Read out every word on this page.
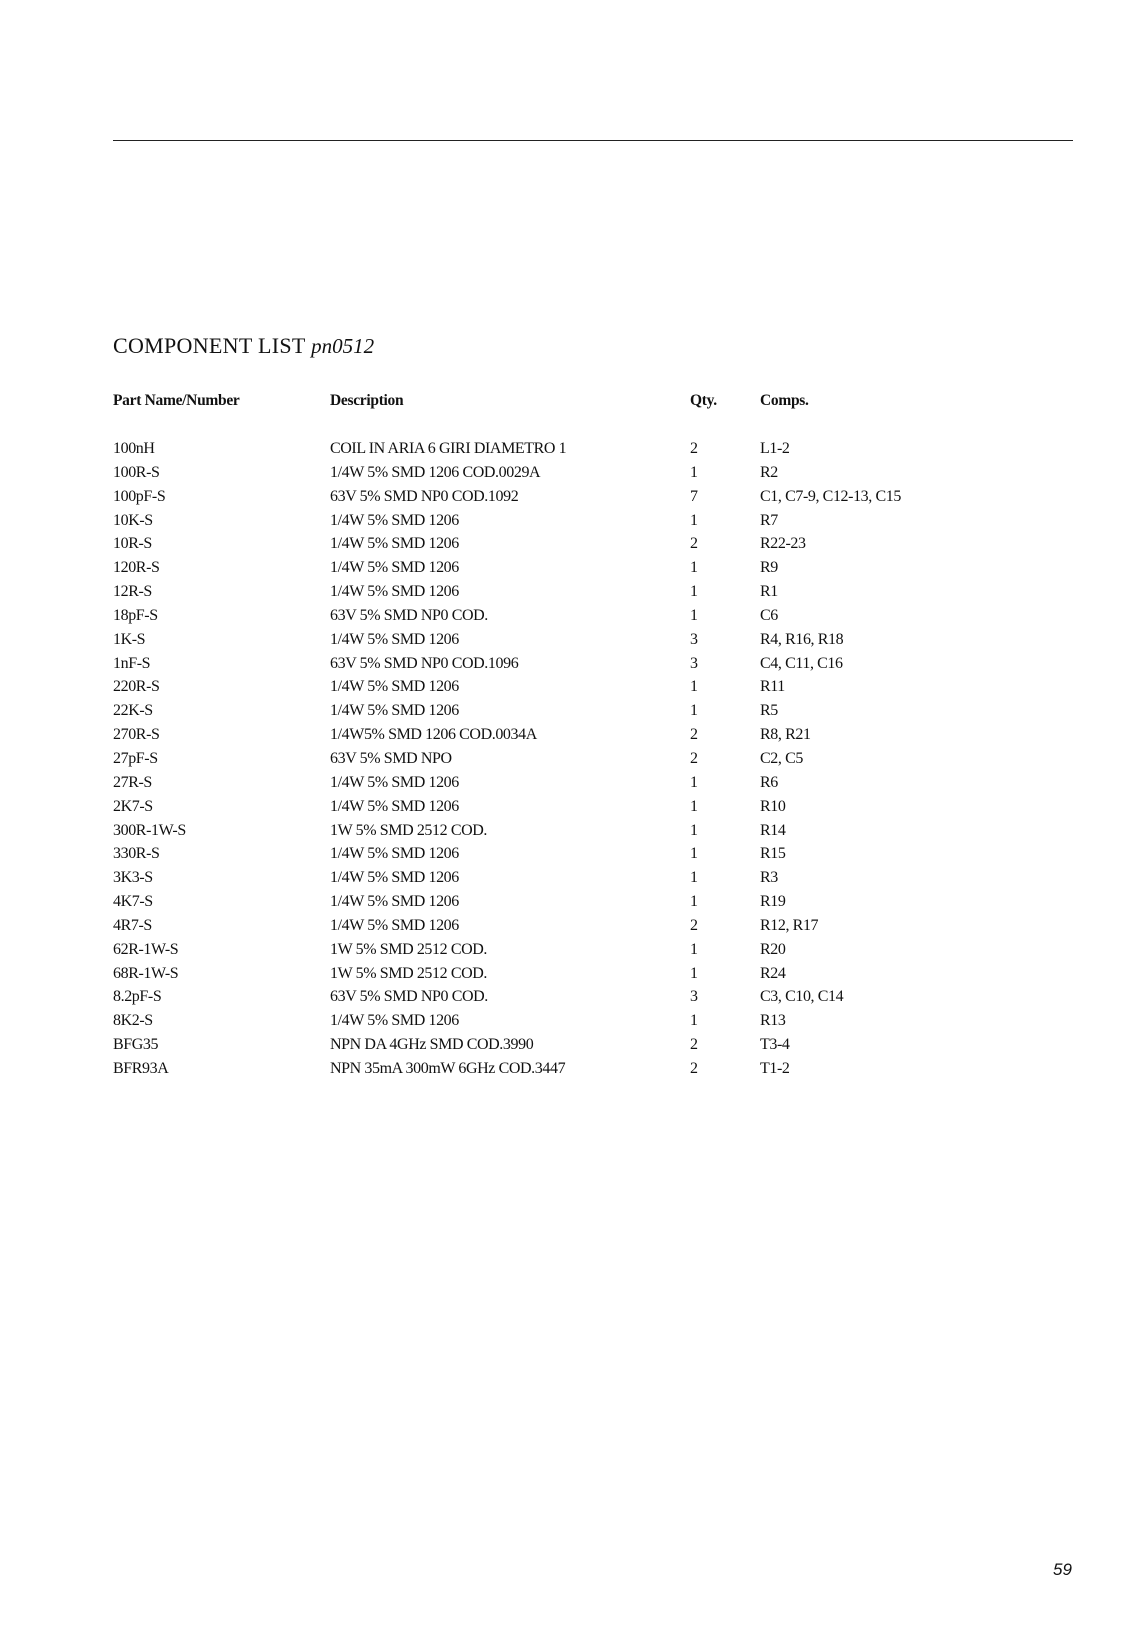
COMPONENT LIST pn0512
Part Name/Number	Description	Qty.	Comps.
100nH	COIL IN ARIA 6 GIRI DIAMETRO 1	2	L1-2
100R-S	1/4W 5% SMD 1206 COD.0029A	1	R2
100pF-S	63V 5% SMD NP0 COD.1092	7	C1, C7-9, C12-13, C15
10K-S	1/4W 5% SMD 1206	1	R7
10R-S	1/4W 5% SMD 1206	2	R22-23
120R-S	1/4W 5% SMD 1206	1	R9
12R-S	1/4W 5% SMD 1206	1	R1
18pF-S	63V 5% SMD NP0 COD.	1	C6
1K-S	1/4W 5% SMD 1206	3	R4, R16, R18
1nF-S	63V 5% SMD NP0 COD.1096	3	C4, C11, C16
220R-S	1/4W 5% SMD 1206	1	R11
22K-S	1/4W 5% SMD 1206	1	R5
270R-S	1/4W5% SMD 1206 COD.0034A	2	R8, R21
27pF-S	63V 5% SMD NPO	2	C2, C5
27R-S	1/4W 5% SMD 1206	1	R6
2K7-S	1/4W 5% SMD 1206	1	R10
300R-1W-S	1W 5% SMD 2512 COD.	1	R14
330R-S	1/4W 5% SMD 1206	1	R15
3K3-S	1/4W 5% SMD 1206	1	R3
4K7-S	1/4W 5% SMD 1206	1	R19
4R7-S	1/4W 5% SMD 1206	2	R12, R17
62R-1W-S	1W 5% SMD 2512 COD.	1	R20
68R-1W-S	1W 5% SMD 2512 COD.	1	R24
8.2pF-S	63V 5% SMD NP0 COD.	3	C3, C10, C14
8K2-S	1/4W 5% SMD 1206	1	R13
BFG35	NPN DA 4GHz SMD COD.3990	2	T3-4
BFR93A	NPN 35mA 300mW 6GHz COD.3447	2	T1-2
59
